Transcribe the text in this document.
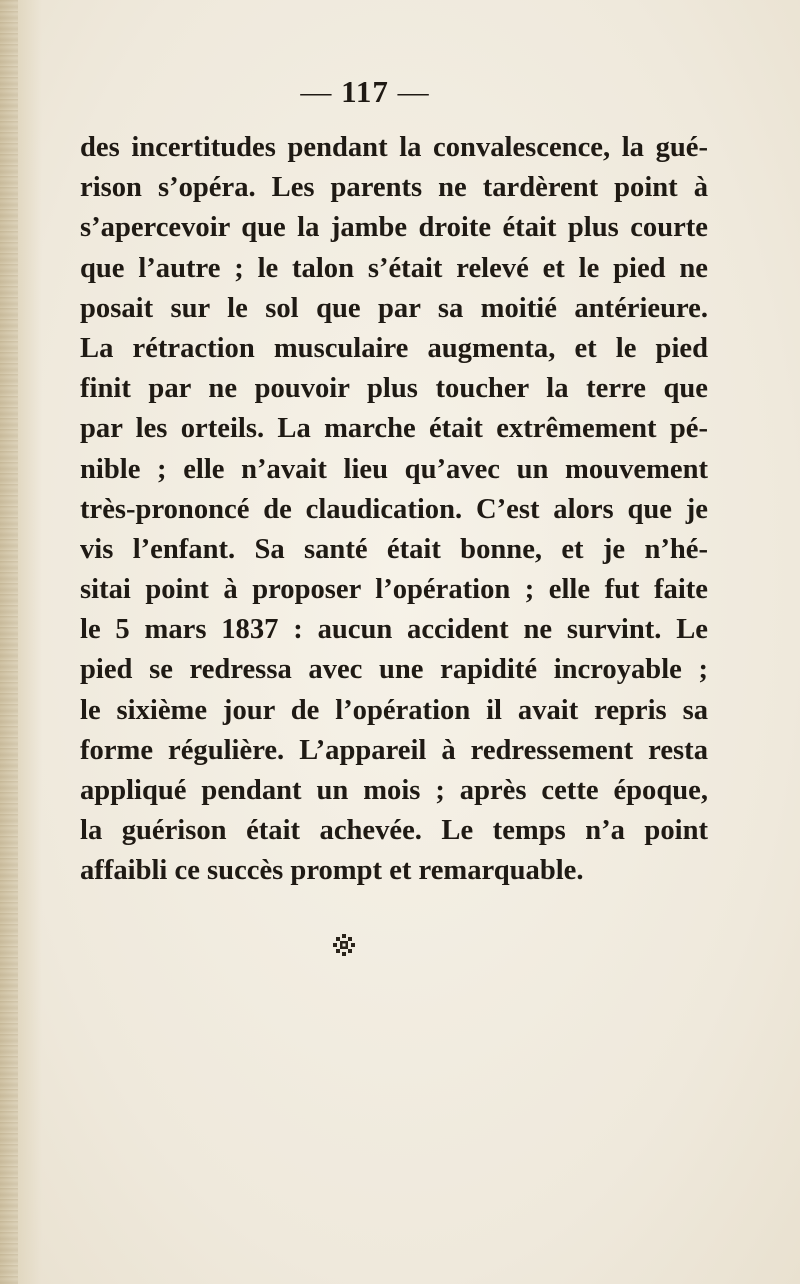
— 117 —
des incertitudes pendant la convalescence, la gué-
rison s’opéra. Les parents ne tardèrent point à
s’apercevoir que la jambe droite était plus courte
que l’autre ; le talon s’était relevé et le pied ne
posait sur le sol que par sa moitié antérieure.
La rétraction musculaire augmenta, et le pied
finit par ne pouvoir plus toucher la terre que
par les orteils. La marche était extrêmement pé-
nible ; elle n’avait lieu qu’avec un mouvement
très-prononcé de claudication. C’est alors que je
vis l’enfant. Sa santé était bonne, et je n’hé-
sitai point à proposer l’opération ; elle fut faite
le 5 mars 1837 : aucun accident ne survint. Le
pied se redressa avec une rapidité incroyable ;
le sixième jour de l’opération il avait repris sa
forme régulière. L’appareil à redressement resta
appliqué pendant un mois ; après cette époque,
la guérison était achevée. Le temps n’a point
affaibli ce succès prompt et remarquable.
